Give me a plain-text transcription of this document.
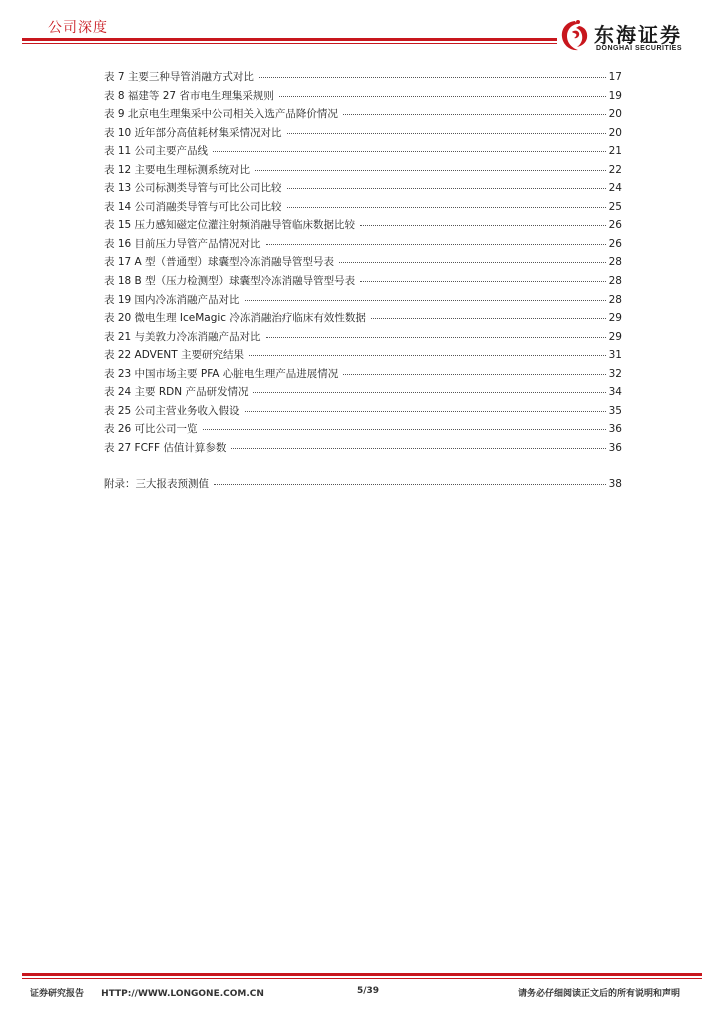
公司深度	东海证券
DONGHAI SECURITIES
表 7 主要三种导管消融方式对比	17
表 8 福建等 27 省市电生理集采规则	19
表 9 北京电生理集采中公司相关入选产品降价情况	20
表 10 近年部分高值耗材集采情况对比	20
表 11 公司主要产品线	21
表 12 主要电生理标测系统对比	22
表 13 公司标测类导管与可比公司比较	24
表 14 公司消融类导管与可比公司比较	25
表 15 压力感知磁定位灌注射频消融导管临床数据比较	26
表 16 目前压力导管产品情况对比	26
表 17 A 型（普通型）球囊型冷冻消融导管型号表	28
表 18 B 型（压力检测型）球囊型冷冻消融导管型号表	28
表 19 国内冷冻消融产品对比	28
表 20 微电生理 IceMagic 冷冻消融治疗临床有效性数据	29
表 21 与美敦力冷冻消融产品对比	29
表 22 ADVENT 主要研究结果	31
表 23 中国市场主要 PFA 心脏电生理产品进展情况	32
表 24 主要 RDN 产品研发情况	34
表 25 公司主营业务收入假设	35
表 26 可比公司一览	36
表 27 FCFF 估值计算参数	36
附录：三大报表预测值	38
证券研究报告 HTTP://WWW.LONGONE.COM.CN	5/39	请务必仔细阅读正文后的所有说明和声明
